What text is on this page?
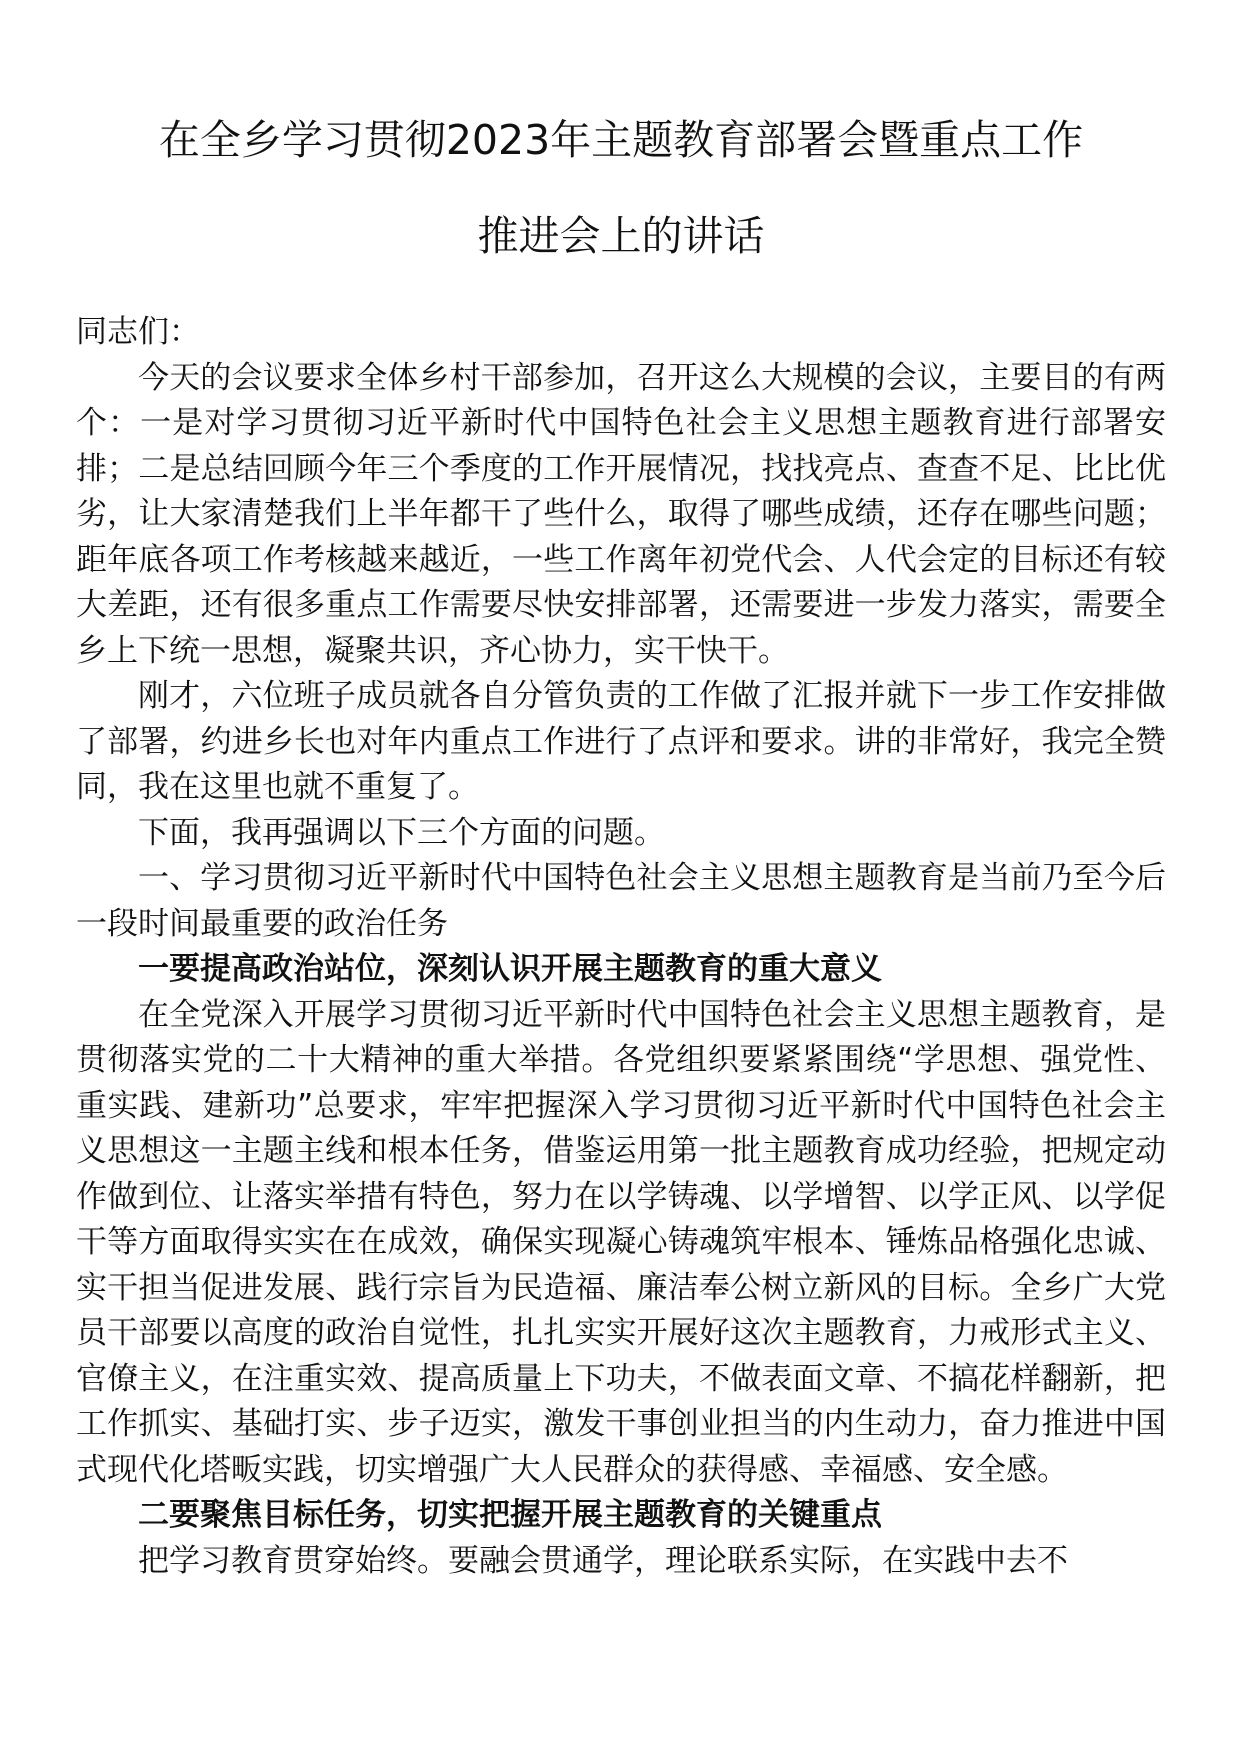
在全乡学习贯彻2023年主题教育部署会暨重点工作
推进会上的讲话

同志们：

今天的会议要求全体乡村干部参加，召开这么大规模的会议，主要目的有两个：一是对学习贯彻习近平新时代中国特色社会主义思想主题教育进行部署安排；二是总结回顾今年三个季度的工作开展情况，找找亮点、查查不足、比比优劣，让大家清楚我们上半年都干了些什么，取得了哪些成绩，还存在哪些问题；距年底各项工作考核越来越近，一些工作离年初党代会、人代会定的目标还有较大差距，还有很多重点工作需要尽快安排部署，还需要进一步发力落实，需要全乡上下统一思想，凝聚共识，齐心协力，实干快干。

刚才，六位班子成员就各自分管负责的工作做了汇报并就下一步工作安排做了部署，约进乡长也对年内重点工作进行了点评和要求。讲的非常好，我完全赞同，我在这里也就不重复了。

下面，我再强调以下三个方面的问题。

一、学习贯彻习近平新时代中国特色社会主义思想主题教育是当前乃至今后一段时间最重要的政治任务

一要提高政治站位，深刻认识开展主题教育的重大意义

在全党深入开展学习贯彻习近平新时代中国特色社会主义思想主题教育，是贯彻落实党的二十大精神的重大举措。各党组织要紧紧围绕“学思想、强党性、重实践、建新功”总要求，牢牢把握深入学习贯彻习近平新时代中国特色社会主义思想这一主题主线和根本任务，借鉴运用第一批主题教育成功经验，把规定动作做到位、让落实举措有特色，努力在以学铸魂、以学增智、以学正风、以学促干等方面取得实实在在成效，确保实现凝心铸魂筑牢根本、锤炼品格强化忠诚、实干担当促进发展、践行宗旨为民造福、廉洁奉公树立新风的目标。全乡广大党员干部要以高度的政治自觉性，扎扎实实开展好这次主题教育，力戒形式主义、官僚主义，在注重实效、提高质量上下功夫，不做表面文章、不搞花样翻新，把工作抓实、基础打实、步子迈实，激发干事创业担当的内生动力，奋力推进中国式现代化塔畈实践，切实增强广大人民群众的获得感、幸福感、安全感。

二要聚焦目标任务，切实把握开展主题教育的关键重点

把学习教育贯穿始终。要融会贯通学，理论联系实际，在实践中去不
